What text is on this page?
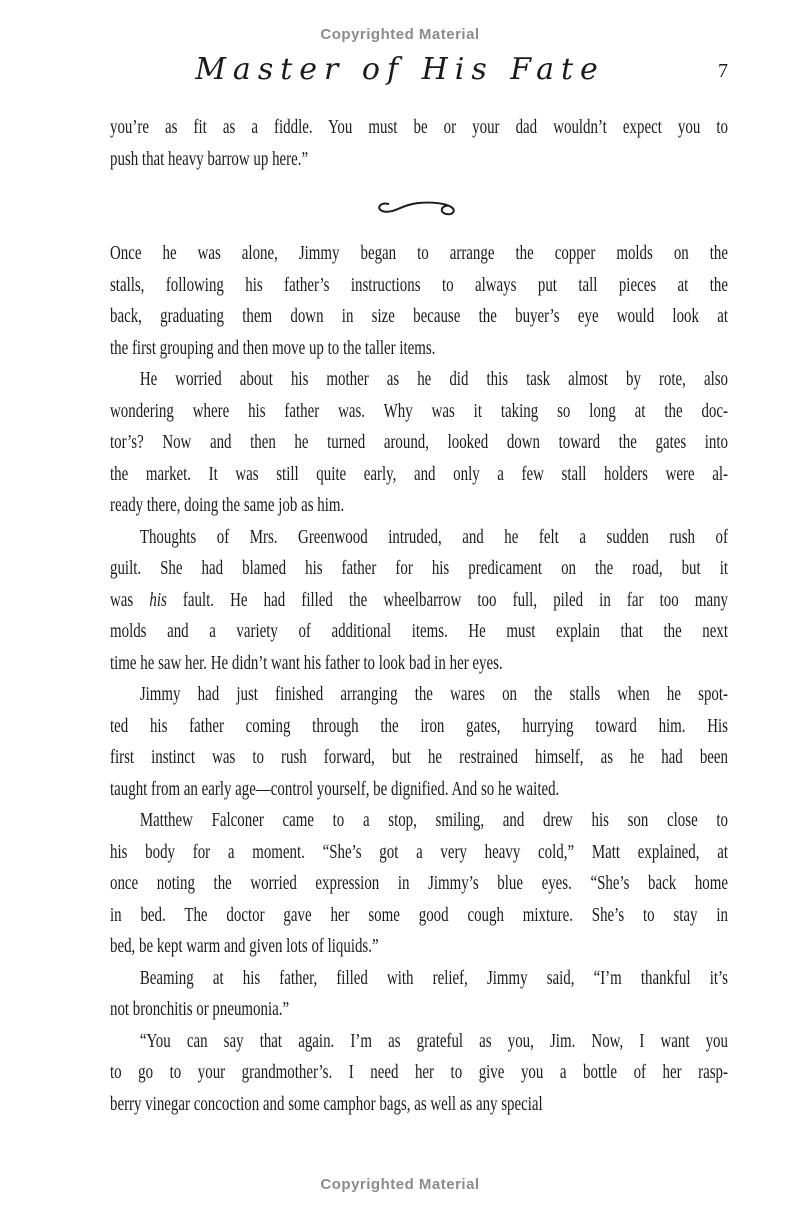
Copyrighted Material
Master of His Fate	7
you’re as fit as a fiddle. You must be or your dad wouldn’t expect you to
push that heavy barrow up here.”
Once he was alone, Jimmy began to arrange the copper molds on the
stalls, following his father’s instructions to always put tall pieces at the
back, graduating them down in size because the buyer’s eye would look at
the first grouping and then move up to the taller items.
He worried about his mother as he did this task almost by rote, also
wondering where his father was. Why was it taking so long at the doc-
tor’s? Now and then he turned around, looked down toward the gates into
the market. It was still quite early, and only a few stall holders were al-
ready there, doing the same job as him.
Thoughts of Mrs. Greenwood intruded, and he felt a sudden rush of
guilt. She had blamed his father for his predicament on the road, but it
was his fault. He had filled the wheelbarrow too full, piled in far too many
molds and a variety of additional items. He must explain that the next
time he saw her. He didn’t want his father to look bad in her eyes.
Jimmy had just finished arranging the wares on the stalls when he spot-
ted his father coming through the iron gates, hurrying toward him. His
first instinct was to rush forward, but he restrained himself, as he had been
taught from an early age—control yourself, be dignified. And so he waited.
Matthew Falconer came to a stop, smiling, and drew his son close to
his body for a moment. “She’s got a very heavy cold,” Matt explained, at
once noting the worried expression in Jimmy’s blue eyes. “She’s back home
in bed. The doctor gave her some good cough mixture. She’s to stay in
bed, be kept warm and given lots of liquids.”
Beaming at his father, filled with relief, Jimmy said, “I’m thankful it’s
not bronchitis or pneumonia.”
“You can say that again. I’m as grateful as you, Jim. Now, I want you
to go to your grandmother’s. I need her to give you a bottle of her rasp-
berry vinegar concoction and some camphor bags, as well as any special
Copyrighted Material
